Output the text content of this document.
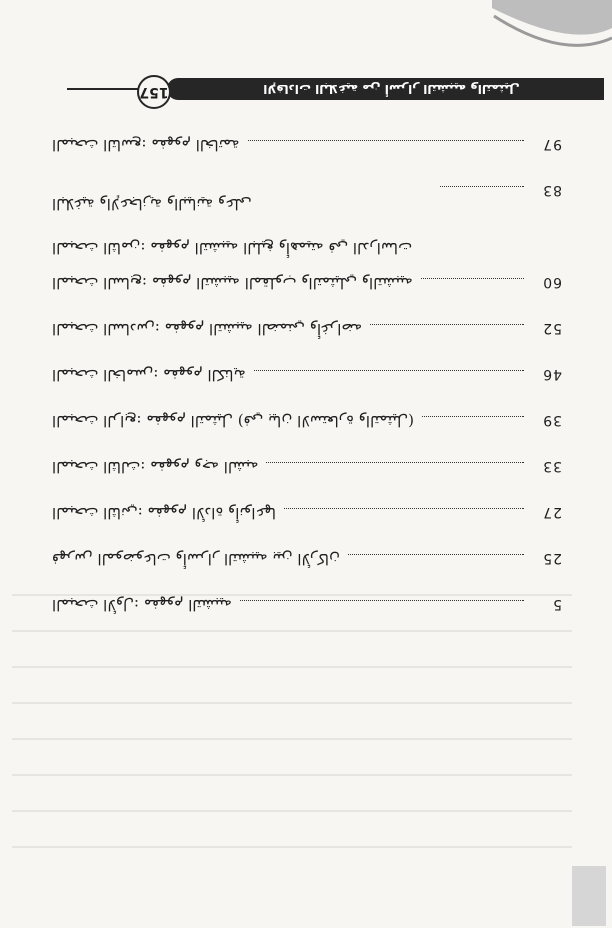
الإفادات البلاغية من أسرار التشبيه والتمثيل
157
5
المبحث الأول: مفهوم التشبيه
25
فهرس الموضوعات وأسرار التشبيه بين الأركان
27
المبحث الثاني: مفهوم الأداة وأنواعها
33
المبحث الثالث: مفهوم وجه الشبه
39
المبحث الرابع: مفهوم التمثيل (في بيان الاستعارة والتمثيل)
46
المبحث الخامس: مفهوم الكناية
52
المبحث السادس: مفهوم التشبيه الضمني وأغراضه
60
المبحث السابع: مفهوم التشبيه المقلوب والتمثيلي والتشبيه
83
المبحث الثامن: مفهوم التشبيه البليغ وأهميته في الدراسات البلاغية والإعجازية والبيانية وعلى
97
المبحث التاسع: مفهوم الخاتمة
